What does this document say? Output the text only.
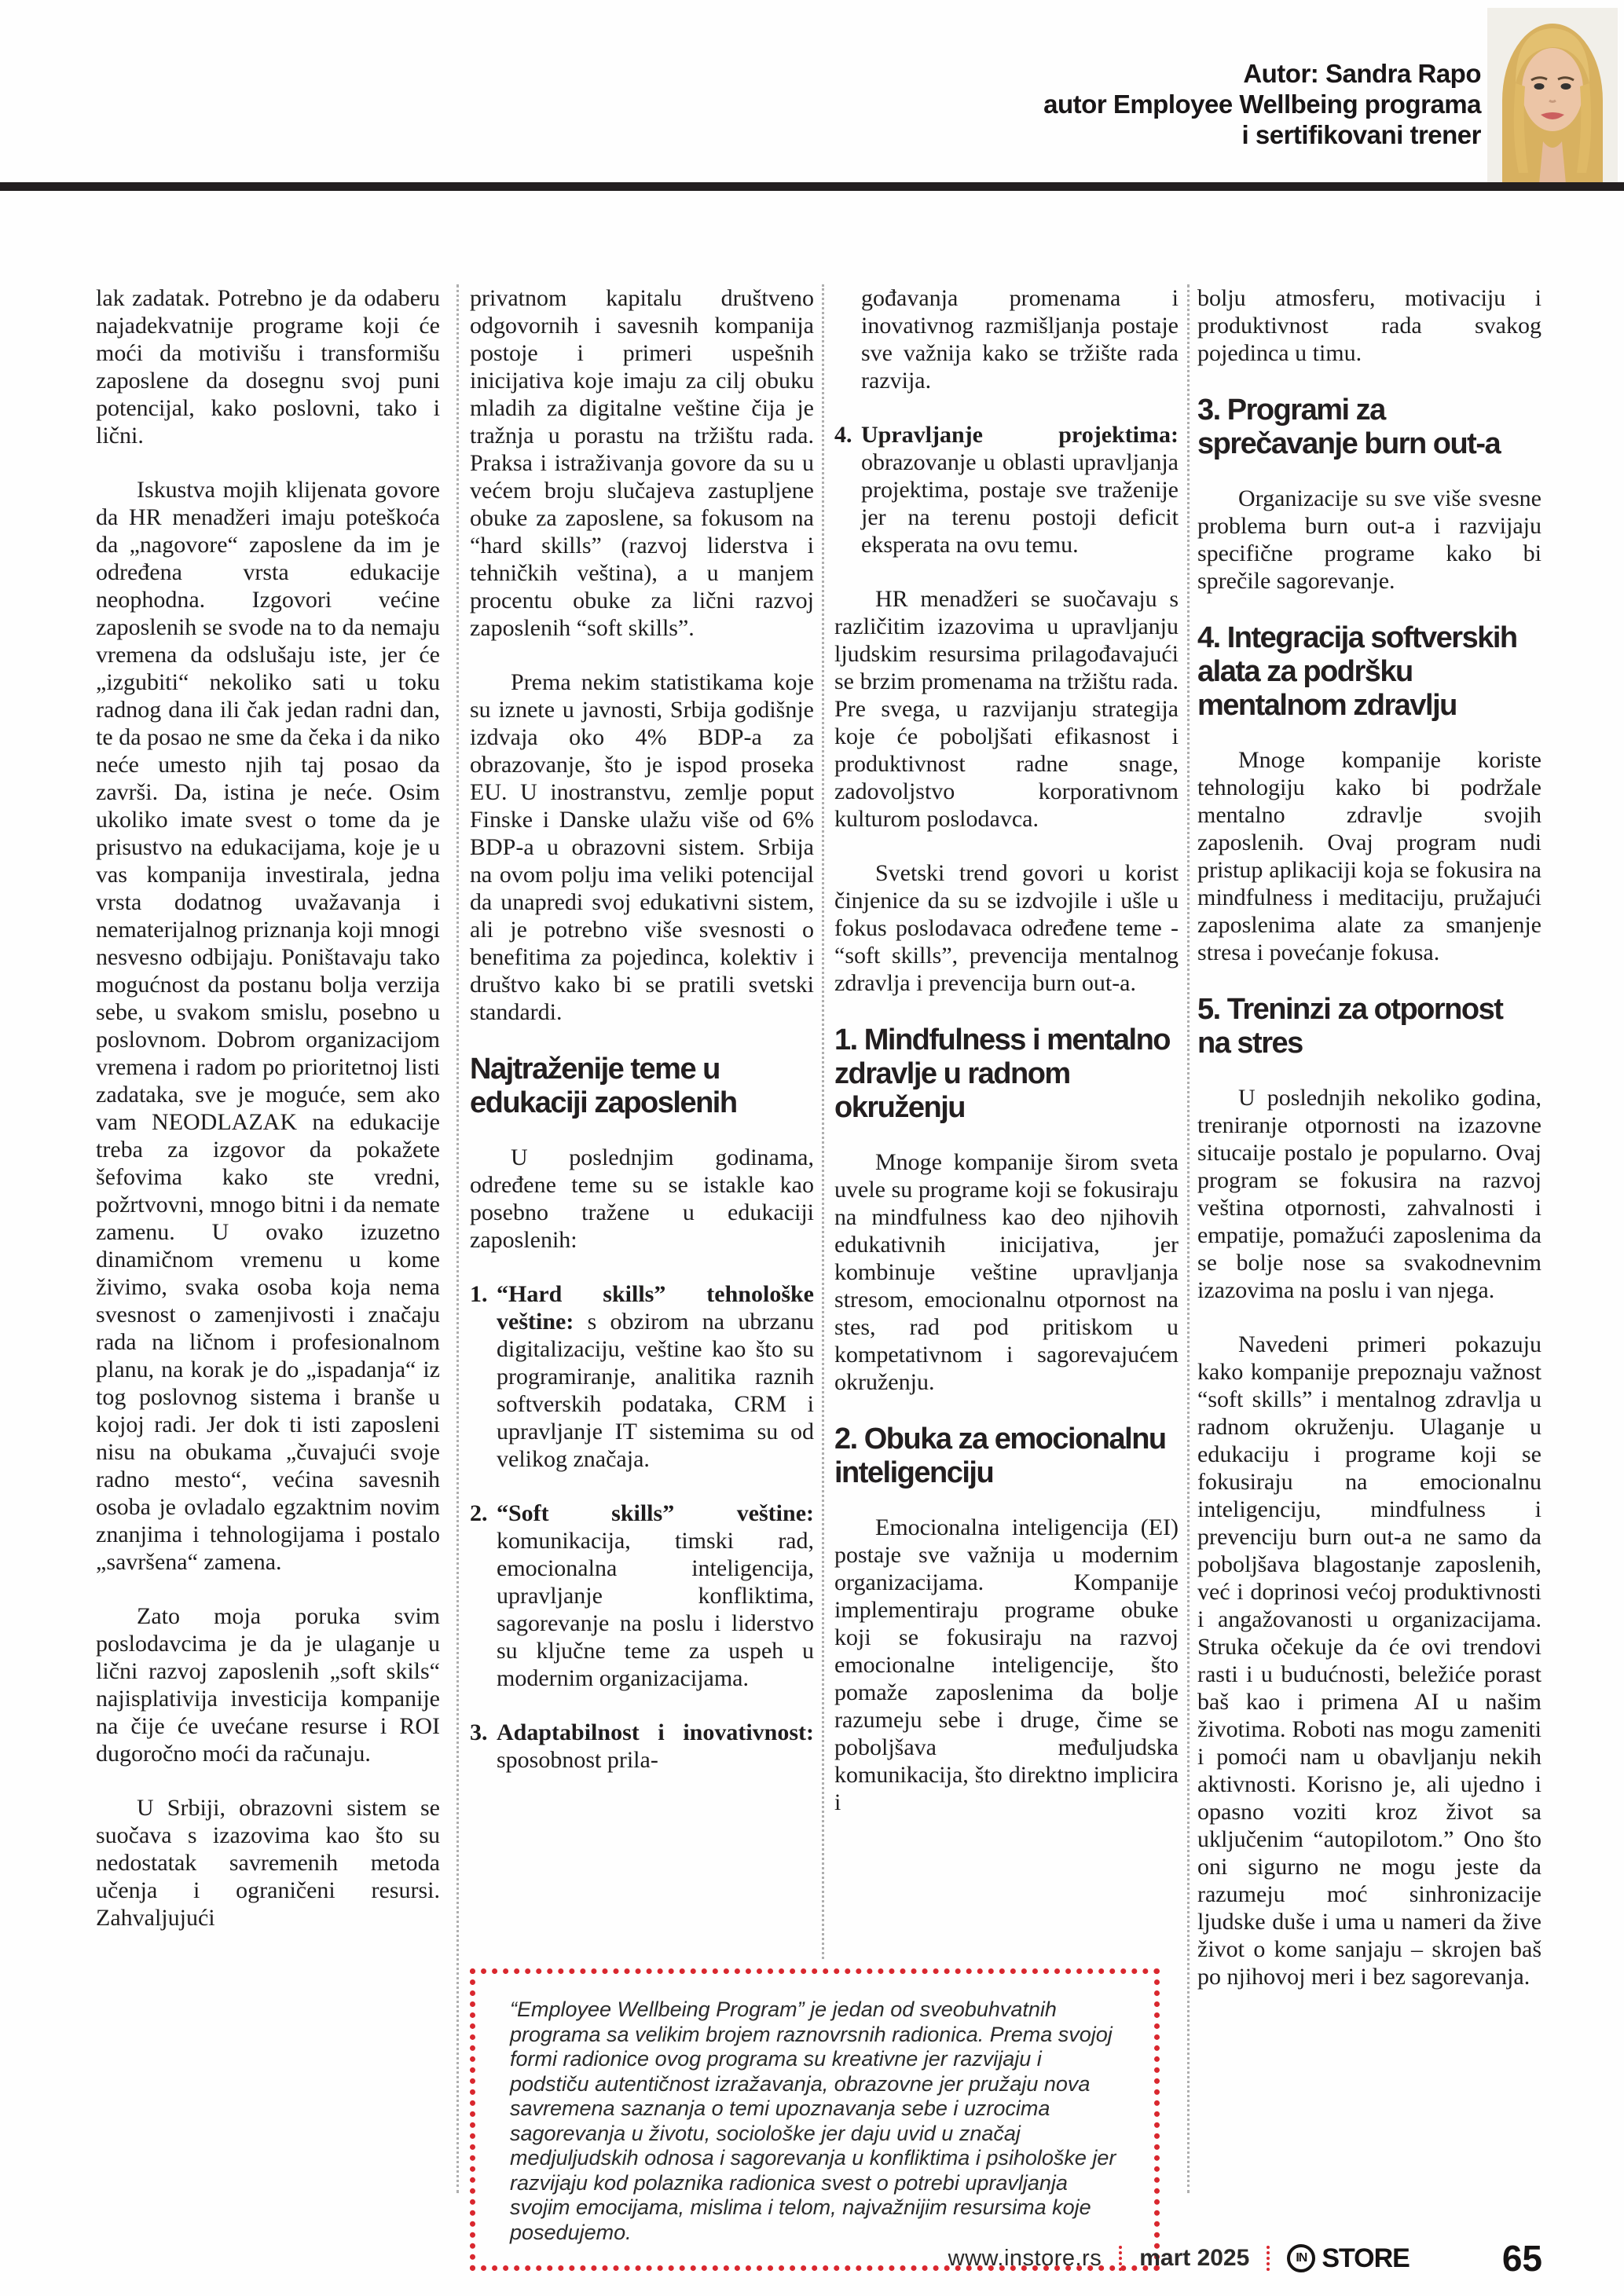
Autor: Sandra Rapo
autor Employee Wellbeing programa
i sertifikovani trener

lak zadatak. Potrebno je da odaberu najadekvatnije programe koji će moći da motivišu i transformišu zaposlene da dosegnu svoj puni potencijal, kako poslovni, tako i lični.

Iskustva mojih klijenata govore da HR menadžeri imaju poteškoća da „nagovore“ zaposlene da im je određena vrsta edukacije neophodna. Izgovori većine zaposlenih se svode na to da nemaju vremena da odslušaju iste, jer će „izgubiti“ nekoliko sati u toku radnog dana ili čak jedan radni dan, te da posao ne sme da čeka i da niko neće umesto njih taj posao da završi. Da, istina je neće. Osim ukoliko imate svest o tome da je prisustvo na edukacijama, koje je u vas kompanija investirala, jedna vrsta dodatnog uvažavanja i nematerijalnog priznanja koji mnogi nesvesno odbijaju. Poništavaju tako mogućnost da postanu bolja verzija sebe, u svakom smislu, posebno u poslovnom. Dobrom organizacijom vremena i radom po prioritetnoj listi zadataka, sve je moguće, sem ako vam NEODLAZAK na edukacije treba za izgovor da pokažete šefovima kako ste vredni, požrtvovni, mnogo bitni i da nemate zamenu. U ovako izuzetno dinamičnom vremenu u kome živimo, svaka osoba koja nema svesnost o zamenjivosti i značaju rada na ličnom i profesionalnom planu, na korak je do „ispadanja“ iz tog poslovnog sistema i branše u kojoj radi. Jer dok ti isti zaposleni nisu na obukama „čuvajući svoje radno mesto“, većina savesnih osoba je ovladalo egzaktnim novim znanjima i tehnologijama i postalo „savršena“ zamena.

Zato moja poruka svim poslodavcima je da je ulaganje u lični razvoj zaposlenih „soft skils“ najisplativija investicija kompanije na čije će uvećane resurse i ROI dugoročno moći da računaju.

U Srbiji, obrazovni sistem se suočava s izazovima kao što su nedostatak savremenih metoda učenja i ograničeni resursi. Zahvaljujući

privatnom kapitalu društveno odgovornih i savesnih kompanija postoje i primeri uspešnih inicijativa koje imaju za cilj obuku mladih za digitalne veštine čija je tražnja u porastu na tržištu rada. Praksa i istraživanja govore da su u većem broju slučajeva zastupljene obuke za zaposlene, sa fokusom na “hard skills” (razvoj liderstva i tehničkih veština), a u manjem procentu obuke za lični razvoj zaposlenih “soft skills”.

Prema nekim statistikama koje su iznete u javnosti, Srbija godišnje izdvaja oko 4% BDP-a za obrazovanje, što je ispod proseka EU. U inostranstvu, zemlje poput Finske i Danske ulažu više od 6% BDP-a u obrazovni sistem. Srbija na ovom polju ima veliki potencijal da unapredi svoj edukativni sistem, ali je potrebno više svesnosti o benefitima za pojedinca, kolektiv i društvo kako bi se pratili svetski standardi.

Najtraženije teme u edukaciji zaposlenih

U poslednjim godinama, određene teme su se istakle kao posebno tražene u edukaciji zaposlenih:

1. “Hard skills” tehnološke veštine: s obzirom na ubrzanu digitalizaciju, veštine kao što su programiranje, analitika raznih softverskih podataka, CRM i upravljanje IT sistemima su od velikog značaja.
2. “Soft skills” veštine: komunikacija, timski rad, emocionalna inteligencija, upravljanje konfliktima, sagorevanje na poslu i liderstvo su ključne teme za uspeh u modernim organizacijama.
3. Adaptabilnost i inovativnost: sposobnost prila-
gođavanja promenama i inovativnog razmišljanja postaje sve važnija kako se tržište rada razvija.
4. Upravljanje projektima: obrazovanje u oblasti upravljanja projektima, postaje sve traženije jer na terenu postoji deficit eksperata na ovu temu.

HR menadžeri se suočavaju s različitim izazovima u upravljanju ljudskim resursima prilagođavajući se brzim promenama na tržištu rada. Pre svega, u razvijanju strategija koje će poboljšati efikasnost i produktivnost radne snage, zadovoljstvo korporativnom kulturom poslodavca.

Svetski trend govori u korist činjenice da su se izdvojile i ušle u fokus poslodavaca određene teme - “soft skills”, prevencija mentalnog zdravlja i prevencija burn out-a.

1. Mindfulness i mentalno zdravlje u radnom okruženju

Mnoge kompanije širom sveta uvele su programe koji se fokusiraju na mindfulness kao deo njihovih edukativnih inicijativa, jer kombinuje veštine upravljanja stresom, emocionalnu otpornost na stes, rad pod pritiskom u kompetativnom i sagorevajućem okruženju.

2. Obuka za emocionalnu inteligenciju

Emocionalna inteligencija (EI) postaje sve važnija u modernim organizacijama. Kompanije implementiraju programe obuke koji se fokusiraju na razvoj emocionalne inteligencije, što pomaže zaposlenima da bolje razumeju sebe i druge, čime se poboljšava međuljudska komunikacija, što direktno implicira i

bolju atmosferu, motivaciju i produktivnost rada svakog pojedinca u timu.

3. Programi za sprečavanje burn out-a

Organizacije su sve više svesne problema burn out-a i razvijaju specifične programe kako bi sprečile sagorevanje.

4. Integracija softverskih alata za podršku mentalnom zdravlju

Mnoge kompanije koriste tehnologiju kako bi podržale mentalno zdravlje svojih zaposlenih. Ovaj program nudi pristup aplikaciji koja se fokusira na mindfulness i meditaciju, pružajući zaposlenima alate za smanjenje stresa i povećanje fokusa.

5. Treninzi za otpornost na stres

U poslednjih nekoliko godina, treniranje otpornosti na izazovne situcaije postalo je popularno. Ovaj program se fokusira na razvoj veština otpornosti, zahvalnosti i empatije, pomažući zaposlenima da se bolje nose sa svakodnevnim izazovima na poslu i van njega.

Navedeni primeri pokazuju kako kompanije prepoznaju važnost “soft skills” i mentalnog zdravlja u radnom okruženju. Ulaganje u edukaciju i programe koji se fokusiraju na emocionalnu inteligenciju, mindfulness i prevenciju burn out-a ne samo da poboljšava blagostanje zaposlenih, već i doprinosi većoj produktivnosti i angažovanosti u organizacijama. Struka očekuje da će ovi trendovi rasti i u budućnosti, beležiće porast baš kao i primena AI u našim životima. Roboti nas mogu zameniti i pomoći nam u obavljanju nekih aktivnosti. Korisno je, ali ujedno i opasno voziti kroz život sa uključenim “autopilotom.” Ono što oni sigurno ne mogu jeste da razumeju moć sinhronizacije ljudske duše i uma u nameri da žive život o kome sanjaju – skrojen baš po njihovoj meri i bez sagorevanja.

“Employee Wellbeing Program” je jedan od sveobuhvatnih programa sa velikim brojem raznovrsnih radionica. Prema svojoj formi radionice ovog programa su kreativne jer razvijaju i podstiču autentičnost izražavanja, obrazovne jer pružaju nova savremena saznanja o temi upoznavanja sebe i uzrocima sagorevanja u životu, sociološke jer daju uvid u značaj medjuljudskih odnosa i sagorevanja u konfliktima i psihološke jer razvijaju kod polaznika radionica svest o potrebi upravljanja svojim emocijama, mislima i telom, najvažnijim resursima koje posedujemo.

www.instore.rs mart 2025	IN STORE	65
